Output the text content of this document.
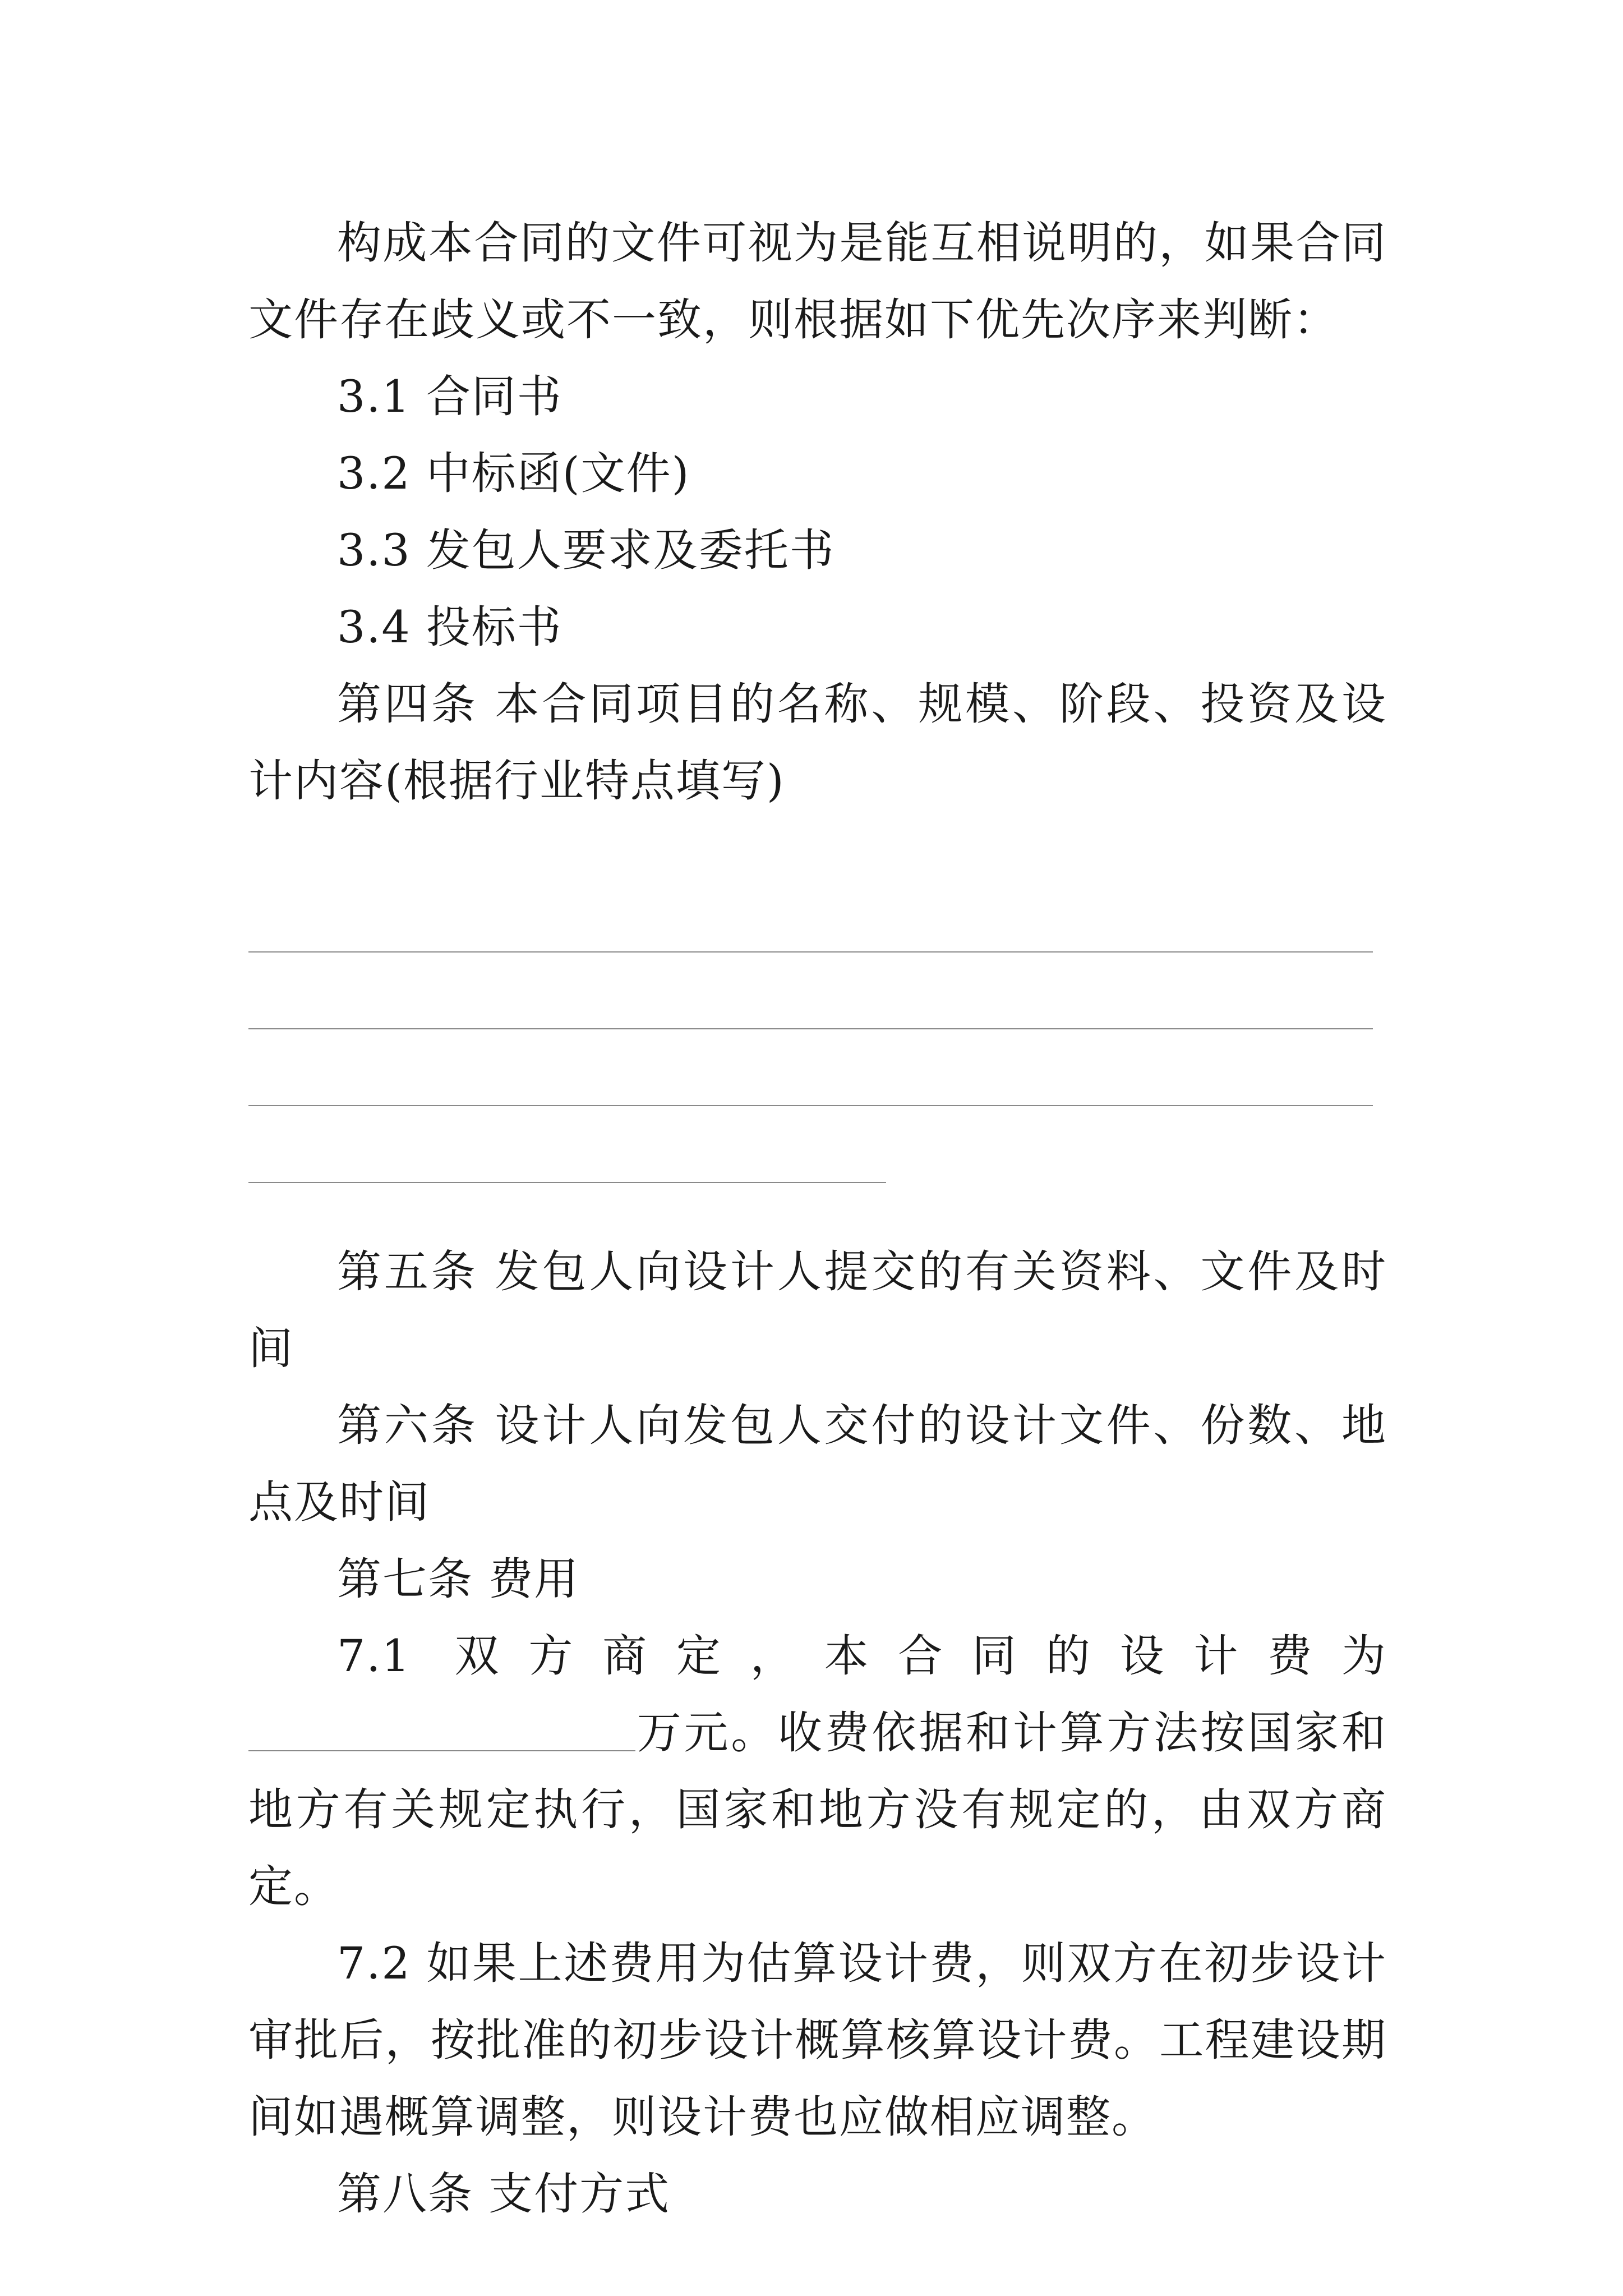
构成本合同的文件可视为是能互相说明的，如果合同文件存在歧义或不一致，则根据如下优先次序来判断：

3.1 合同书

3.2 中标函(文件)

3.3 发包人要求及委托书

3.4 投标书

第四条 本合同项目的名称、规模、阶段、投资及设计内容(根据行业特点填写)

第五条 发包人向设计人提交的有关资料、文件及时间

第六条 设计人向发包人交付的设计文件、份数、地点及时间

第七条 费用

7.1 双方商定，本合同的设计费为万元。收费依据和计算方法按国家和地方有关规定执行，国家和地方没有规定的，由双方商定。

7.2 如果上述费用为估算设计费，则双方在初步设计审批后，按批准的初步设计概算核算设计费。工程建设期间如遇概算调整，则设计费也应做相应调整。

第八条 支付方式
